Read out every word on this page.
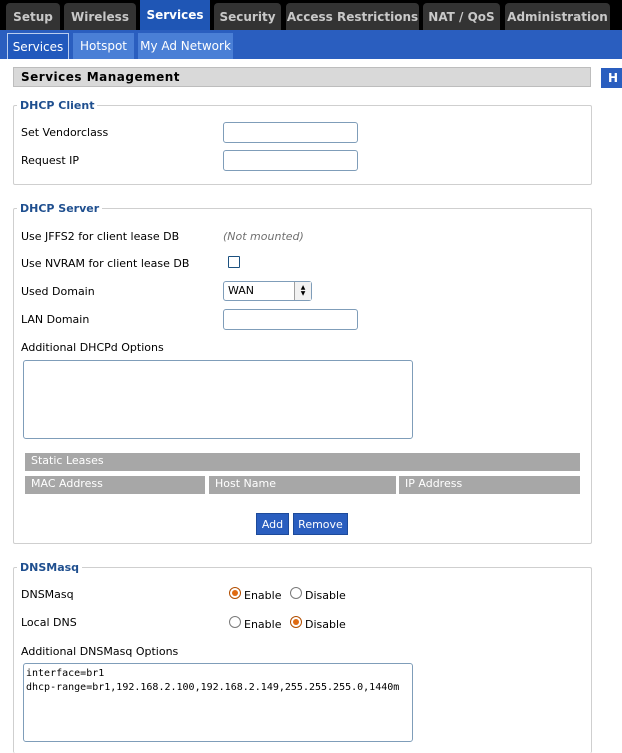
Setup	Wireless	Services	Security Access Restrictions NAT / QoS	Administration
Services	Hotspot	My Ad Network
Services Management	H
DHCP Client
Set Vendorclass
Request IP
DHCP Server
Use JFFS2 for client lease DB	(Not mounted)
Use NVRAM for client lease DB
Used Domain	WAN	▲
▼
LAN Domain
Additional DHCPd Options
Static Leases
MAC Address	Host Name	IP Address
Add	Remove
DNSMasq
DNSMasq	Enable Disable
Local DNS	Enable Disable
Additional DNSMasq Options
interface=br1
dhcp-range=br1,192.168.2.100,192.168.2.149,255.255.255.0,1440m
